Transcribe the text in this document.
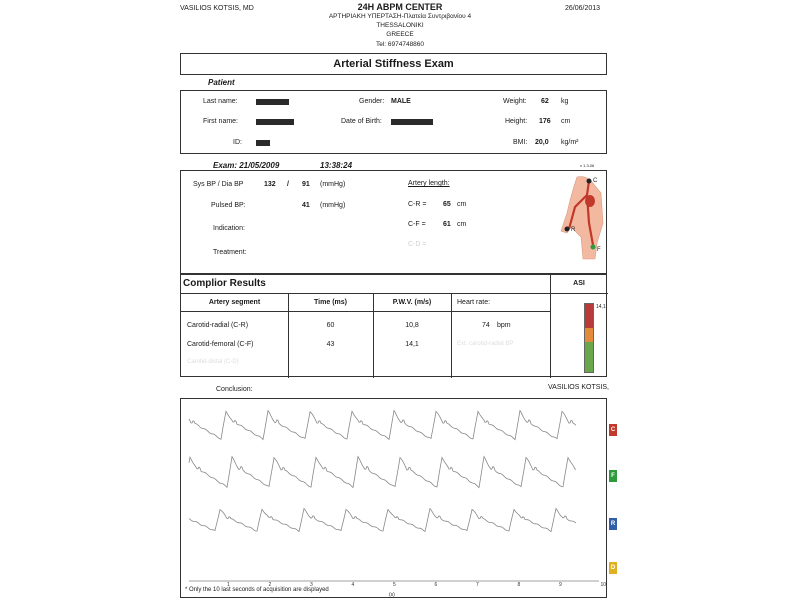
VASILIOS KOTSIS, MD	24H ABPM CENTER
ΑΡΤΗΡΙΑΚΗ ΥΠΕΡΤΑΣΗ-Πλατεία Συντριβανίου 4
THESSALONIKI
GREECE
Tel: 6974748860
26/06/2013
Arterial Stiffness Exam
Patient
Last name:
First name:
ID:
Gender: MALE
Date of Birth:
Weight: 62 kg
Height: 176 cm
BMI: 20,0 kg/m²
Exam: 21/05/2009	13:38:24	v 1.3.06
Sys BP / Dia BP	132 / 91 (mmHg)
Pulsed BP:	41 (mmHg)
Indication:
Treatment:
Artery length:
C-R = 65 cm
C-F = 61 cm
C-D =
C
R
F
Complior Results	ASI
Artery segment	Time (ms)	P.W.V. (m/s)	Heart rate:
Carotid-radial (C-R)	60	10,8	74 bpm
Carotid-femoral (C-F)	43	14,1	Ext. carotid-radial BP
Carotid-distal (C-D)
14,1
Conclusion:	VASILIOS KOTSIS,
C
F
R
D
1	2	3	4	5	6	7	8	9	10
(s)
* Only the 10 last seconds of acquisition are displayed
